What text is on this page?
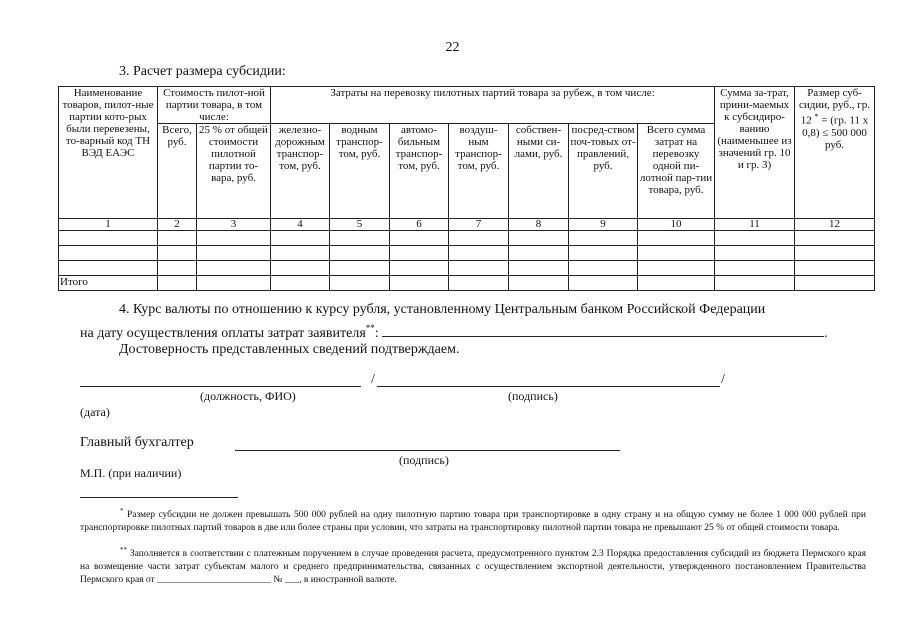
22
3. Расчет размера субсидии:
Наименование товаров, пилот-ные партии кото-рых были перевезены, то-варный код ТН ВЭД ЕАЭС	Стоимость пилот-ной партии товара, в том числе:		Затраты на перевозку пилотных партий товара за рубеж, в том числе:							Сумма за-трат, прини-маемых к субсидиро-ванию (наименьшее из значений гр. 10 и гр. 3)	Размер суб-сидии, руб., гр. 12 * = (гр. 11 x 0,8) ≤ 500 000 руб.
	Всего, руб.	25 % от общей стоимости пилотной партии то-вара, руб.	железно-дорожным транспор-том, руб.	водным транспор-том, руб.	автомо-бильным транспор-том, руб.	воздуш-ным транспор-том, руб.	собствен-ными си-лами, руб.	посред-ством поч-товых от-правлений, руб.	Всего сумма затрат на перевозку одной пи-лотной пар-тии товара, руб.		
1	2	3	4	5	6	7	8	9	10	11	12

Итого											
4. Курс валюты по отношению к курсу рубля, установленному Центральным банком Российской Федерации
на дату осуществления оплаты затрат заявителя**:	.
Достоверность представленных сведений подтверждаем.
/	/
(должность, ФИО)	(подпись)
(дата)
Главный бухгалтер
(подпись)
М.П. (при наличии)
* Размер субсидии не должен превышать 500 000 рублей на одну пилотную партию товара при транспортировке в одну страну и на общую сумму не более 1 000 000 рублей при транспортировке пилотных партий товаров в две или более страны при условии, что затраты на транспортировку пилотной партии товара не превышают 25 % от общей стоимости товара.
** Заполняется в соответствии с платежным поручением в случае проведения расчета, предусмотренного пунктом 2.3 Порядка предоставления субсидий из бюджета Пермского края на возмещение части затрат субъектам малого и среднего предпринимательства, связанных с осуществлением экспортной деятельности, утвержденного постановлением Правительства Пермского края от ________________________ № ___, в иностранной валюте.
